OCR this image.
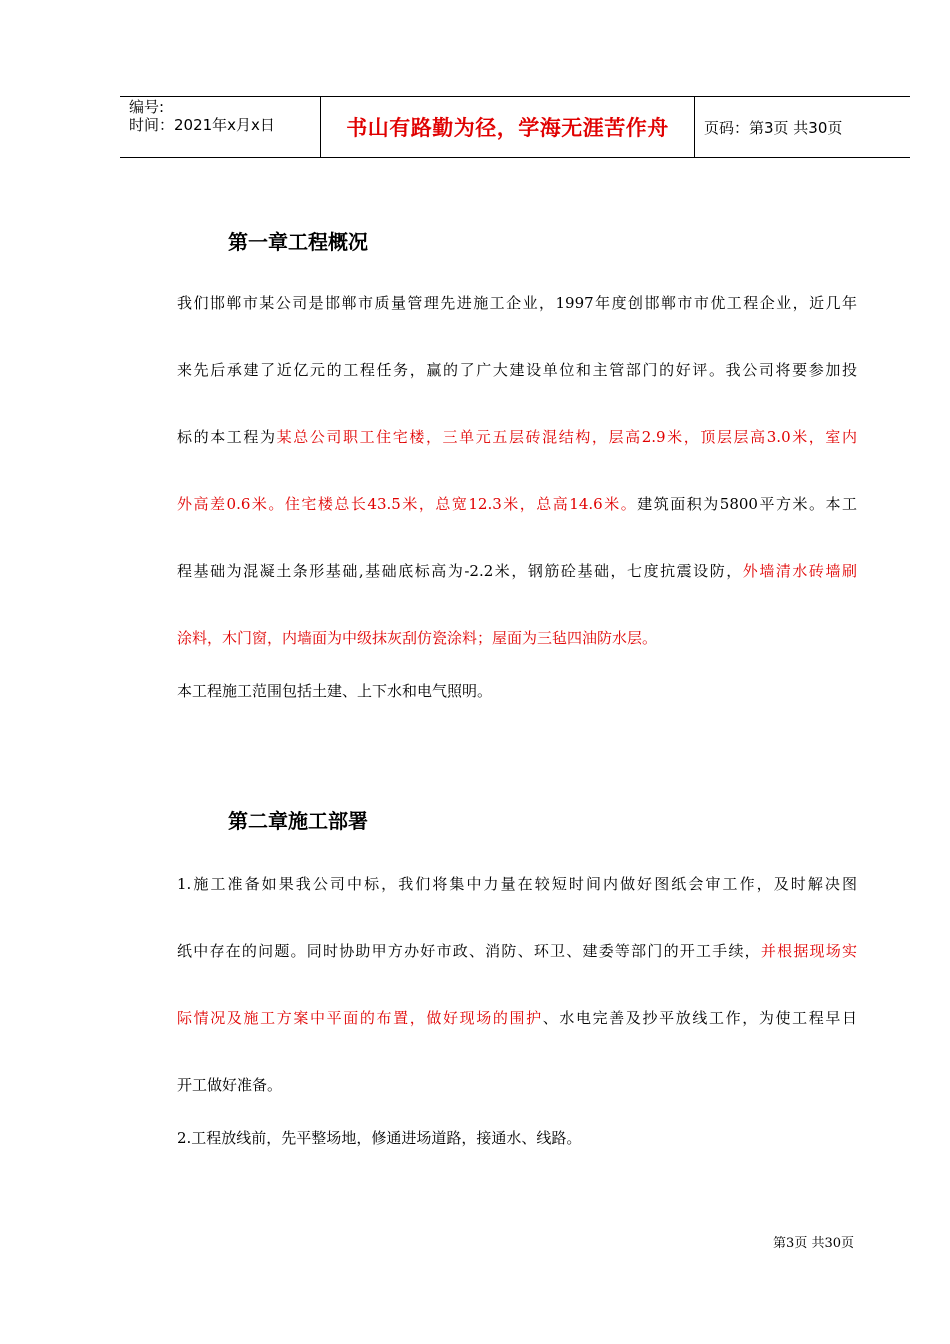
编号:
时间：2021年x月x日	书山有路勤为径，学海无涯苦作舟 页码：第3页 共30页
第一章工程概况
我们邯郸市某公司是邯郸市质量管理先进施工企业，1997年度创邯郸市市优工程企业，近几年
来先后承建了近亿元的工程任务，赢的了广大建设单位和主管部门的好评。我公司将要参加投
标的本工程为某总公司职工住宅楼，三单元五层砖混结构，层高2.9米，顶层层高3.0米，室内
外高差0.6米。住宅楼总长43.5米，总宽12.3米，总高14.6米。建筑面积为5800平方米。本工
程基础为混凝土条形基础,基础底标高为-2.2米，钢筋砼基础，七度抗震设防，外墙清水砖墙刷
涂料，木门窗，内墙面为中级抹灰刮仿瓷涂料；屋面为三毡四油防水层。

本工程施工范围包括土建、上下水和电气照明。

第二章施工部署
1.施工准备如果我公司中标，我们将集中力量在较短时间内做好图纸会审工作，及时解决图
纸中存在的问题。同时协助甲方办好市政、消防、环卫、建委等部门的开工手续，并根据现场实
际情况及施工方案中平面的布置，做好现场的围护、水电完善及抄平放线工作，为使工程早日
开工做好准备。

2.工程放线前，先平整场地，修通进场道路，接通水、线路。

第3页 共30页
